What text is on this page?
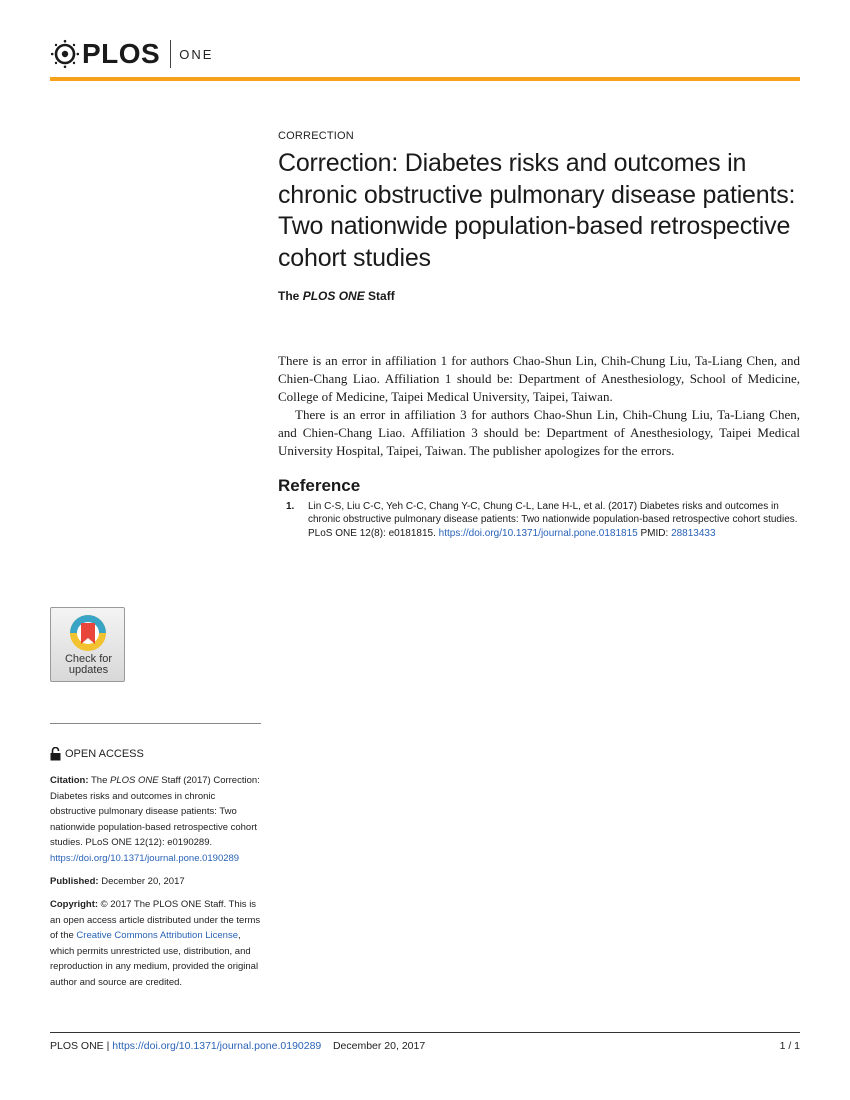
PLOS ONE
CORRECTION
Correction: Diabetes risks and outcomes in chronic obstructive pulmonary disease patients: Two nationwide population-based retrospective cohort studies
The PLOS ONE Staff

There is an error in affiliation 1 for authors Chao-Shun Lin, Chih-Chung Liu, Ta-Liang Chen, and Chien-Chang Liao. Affiliation 1 should be: Department of Anesthesiology, School of Medicine, College of Medicine, Taipei Medical University, Taipei, Taiwan.

There is an error in affiliation 3 for authors Chao-Shun Lin, Chih-Chung Liu, Ta-Liang Chen, and Chien-Chang Liao. Affiliation 3 should be: Department of Anesthesiology, Taipei Medical University Hospital, Taipei, Taiwan. The publisher apologizes for the errors.

Reference
1. Lin C-S, Liu C-C, Yeh C-C, Chang Y-C, Chung C-L, Lane H-L, et al. (2017) Diabetes risks and outcomes in chronic obstructive pulmonary disease patients: Two nationwide population-based retrospective cohort studies. PLoS ONE 12(8): e0181815. https://doi.org/10.1371/journal.pone.0181815 PMID: 28813433
Check for
updates
OPEN ACCESS

Citation: The PLOS ONE Staff (2017) Correction: Diabetes risks and outcomes in chronic obstructive pulmonary disease patients: Two nationwide population-based retrospective cohort studies. PLoS ONE 12(12): e0190289. https://doi.org/10.1371/journal.pone.0190289

Published: December 20, 2017

Copyright: © 2017 The PLOS ONE Staff. This is an open access article distributed under the terms of the Creative Commons Attribution License, which permits unrestricted use, distribution, and reproduction in any medium, provided the original author and source are credited.

PLOS ONE | https://doi.org/10.1371/journal.pone.0190289 December 20, 2017	1 / 1
